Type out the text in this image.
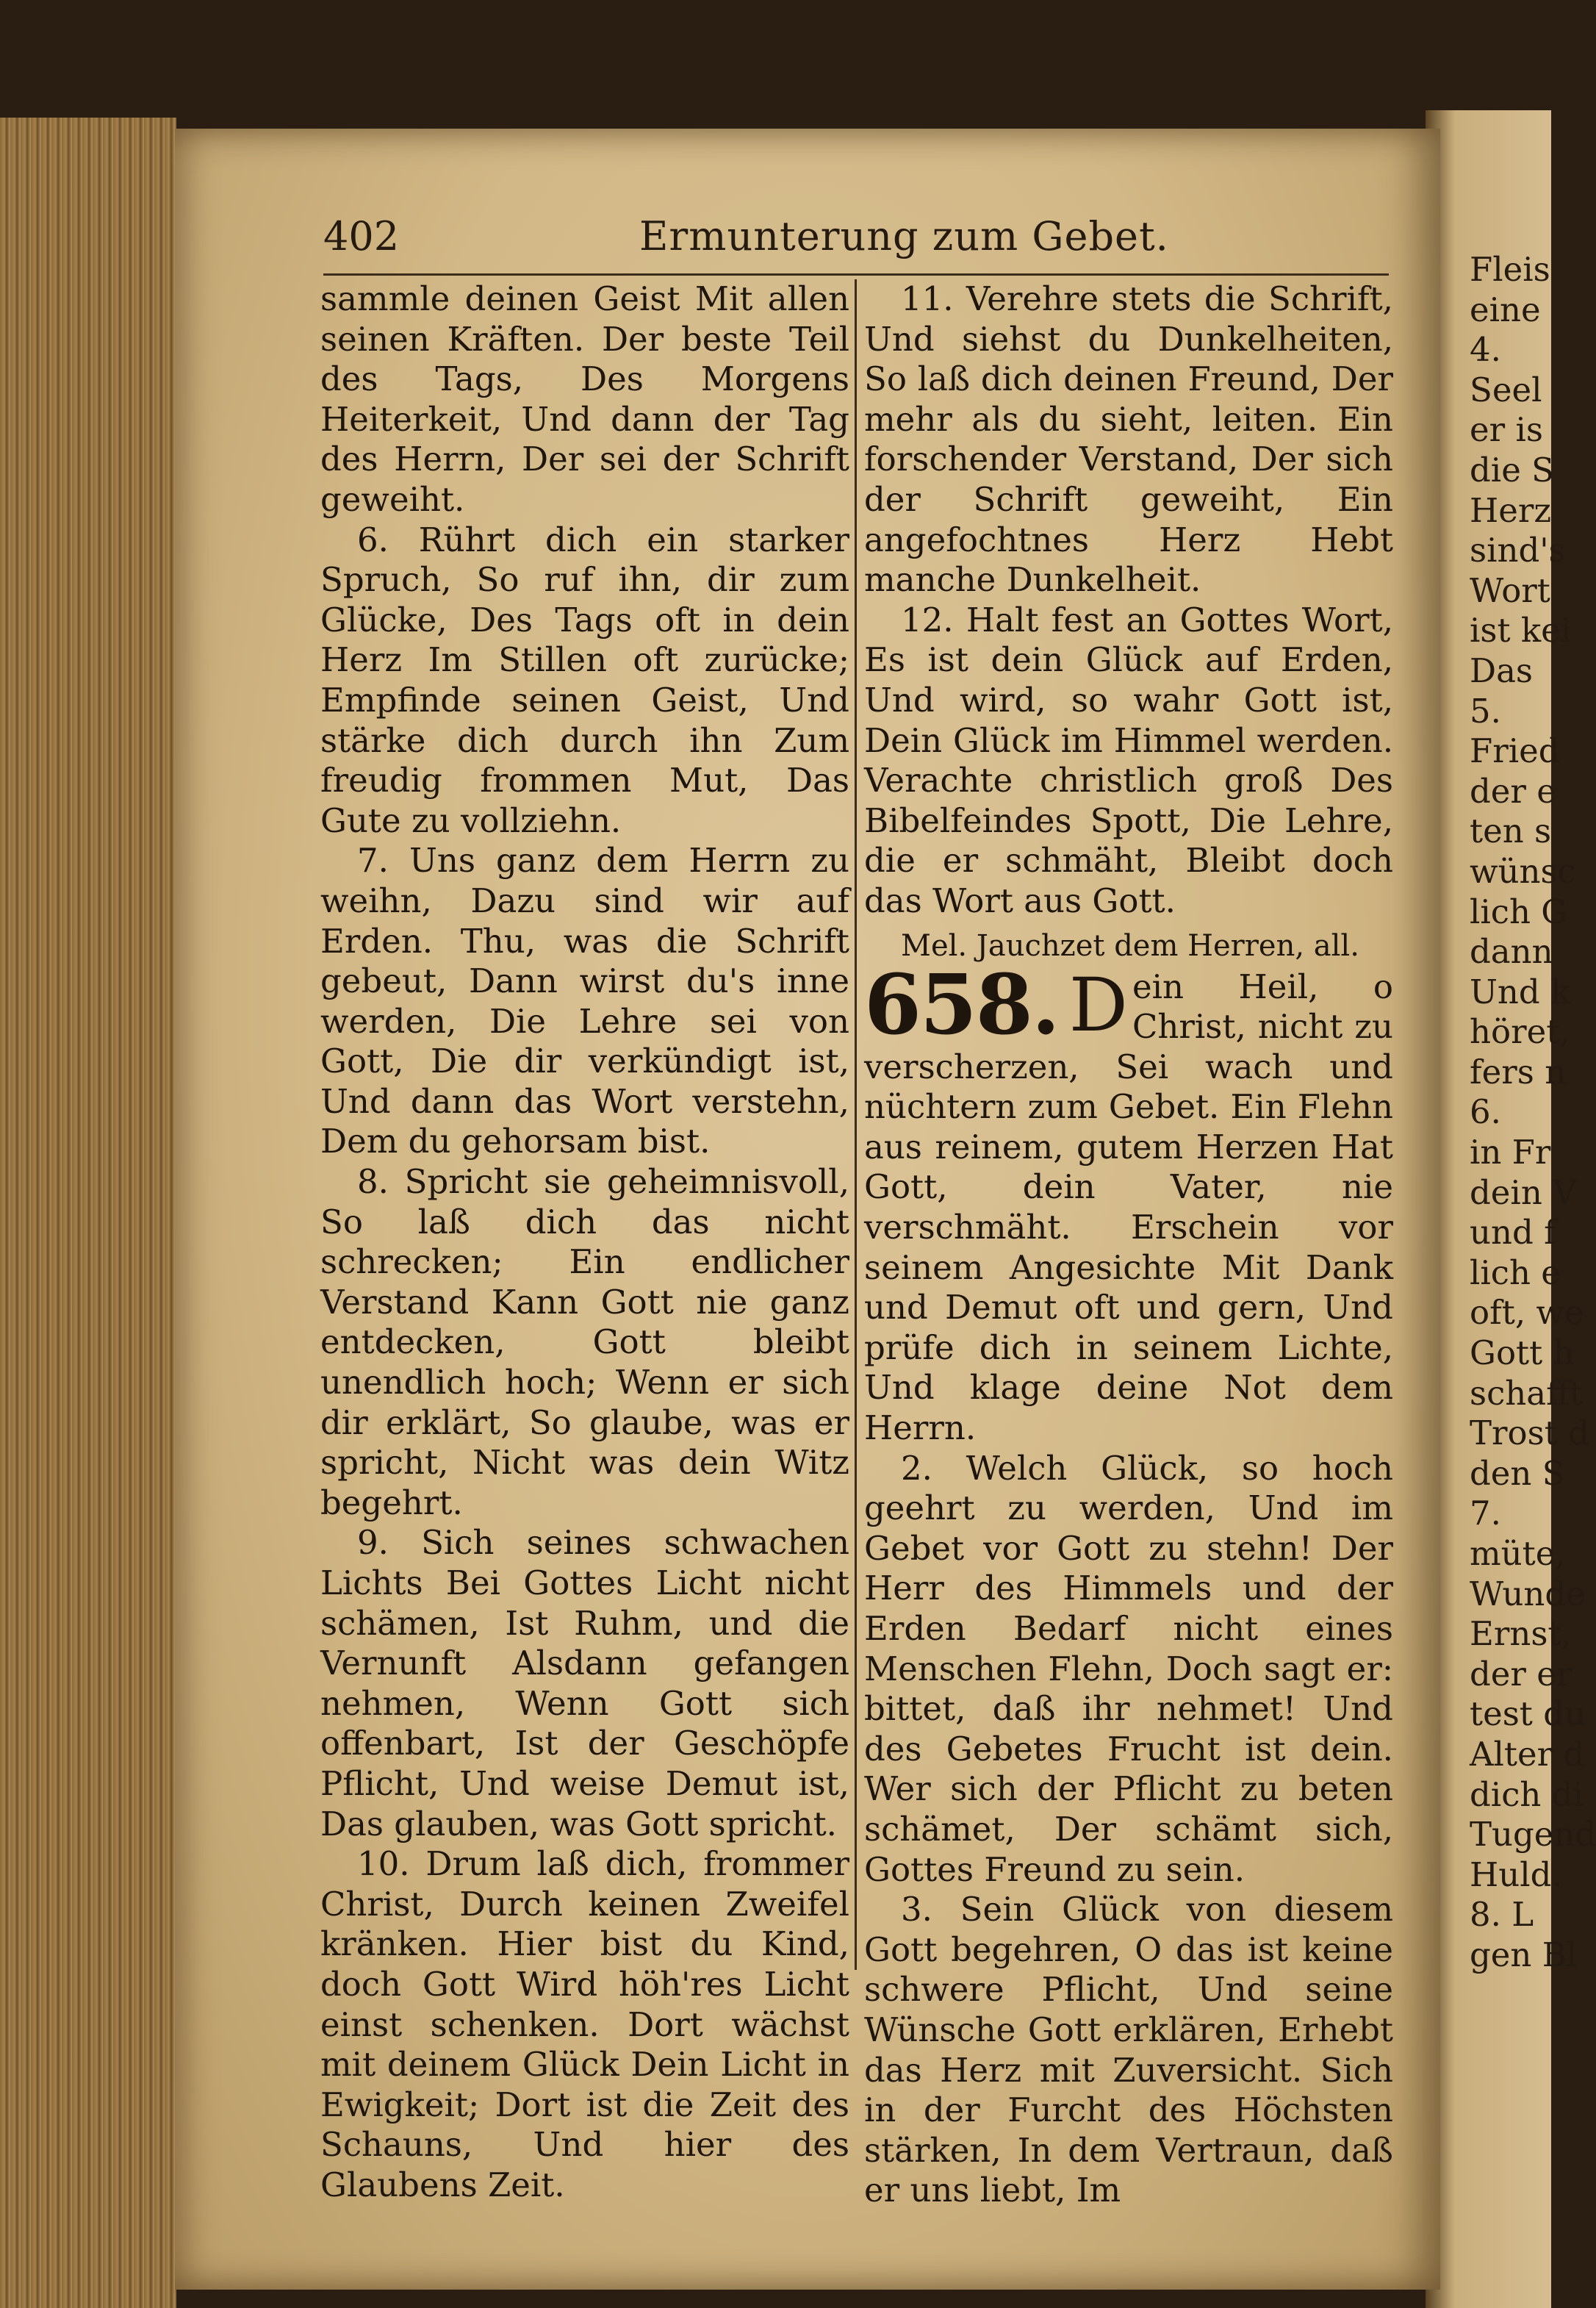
402	Ermunterung zum Gebet.

sammle deinen Geist Mit allen seinen Kräften. Der beste Teil des Tags, Des Morgens Heiterkeit, Und dann der Tag des Herrn, Der sei der Schrift geweiht.

6. Rührt dich ein starker Spruch, So ruf ihn, dir zum Glücke, Des Tags oft in dein Herz Im Stillen oft zurücke; Empfinde seinen Geist, Und stärke dich durch ihn Zum freudig frommen Mut, Das Gute zu vollziehn.

7. Uns ganz dem Herrn zu weihn, Dazu sind wir auf Erden. Thu, was die Schrift gebeut, Dann wirst du's inne werden, Die Lehre sei von Gott, Die dir verkündigt ist, Und dann das Wort verstehn, Dem du gehorsam bist.

8. Spricht sie geheimnisvoll, So laß dich das nicht schrecken; Ein endlicher Verstand Kann Gott nie ganz entdecken, Gott bleibt unendlich hoch; Wenn er sich dir erklärt, So glaube, was er spricht, Nicht was dein Witz begehrt.

9. Sich seines schwachen Lichts Bei Gottes Licht nicht schämen, Ist Ruhm, und die Vernunft Alsdann gefangen nehmen, Wenn Gott sich offenbart, Ist der Geschöpfe Pflicht, Und weise Demut ist, Das glauben, was Gott spricht.

10. Drum laß dich, frommer Christ, Durch keinen Zweifel kränken. Hier bist du Kind, doch Gott Wird höh'res Licht einst schenken. Dort wächst mit deinem Glück Dein Licht in Ewigkeit; Dort ist die Zeit des Schauns, Und hier des Glaubens Zeit.

11. Verehre stets die Schrift, Und siehst du Dunkelheiten, So laß dich deinen Freund, Der mehr als du sieht, leiten. Ein forschender Verstand, Der sich der Schrift geweiht, Ein angefochtnes Herz Hebt manche Dunkelheit.

12. Halt fest an Gottes Wort, Es ist dein Glück auf Erden, Und wird, so wahr Gott ist, Dein Glück im Himmel werden. Verachte christlich groß Des Bibelfeindes Spott, Die Lehre, die er schmäht, Bleibt doch das Wort aus Gott.

Mel. Jauchzet dem Herren, all.
658. D ein Heil, o Christ, nicht zu verscherzen, Sei wach und nüchtern zum Gebet. Ein Flehn aus reinem, gutem Herzen Hat Gott, dein Vater, nie verschmäht. Erschein vor seinem Angesichte Mit Dank und Demut oft und gern, Und prüfe dich in seinem Lichte, Und klage deine Not dem Herrn.

2. Welch Glück, so hoch geehrt zu werden, Und im Gebet vor Gott zu stehn! Der Herr des Himmels und der Erden Bedarf nicht eines Menschen Flehn, Doch sagt er: bittet, daß ihr nehmet! Und des Gebetes Frucht ist dein. Wer sich der Pflicht zu beten schämet, Der schämt sich, Gottes Freund zu sein.

3. Sein Glück von diesem Gott begehren, O das ist keine schwere Pflicht, Und seine Wünsche Gott erklären, Erhebt das Herz mit Zuversicht. Sich in der Furcht des Höchsten stärken, In dem Vertraun, daß er uns liebt, Im

Fleis
eine
4.
Seel
er is
die S
Herz
sind's
Wort
ist kei
Das
5.
Fried
der e
ten s
wünsc
lich G
dann
Und k
höret,
fers n
6.
in Fr
dein V
und f
lich e
oft, we
Gott h
schafft
Trost d
den S
7.
müte,
Wunde
Ernst,
der er
test du
Alter d
dich di
Tugend
Huld.
8. L
gen Bl
